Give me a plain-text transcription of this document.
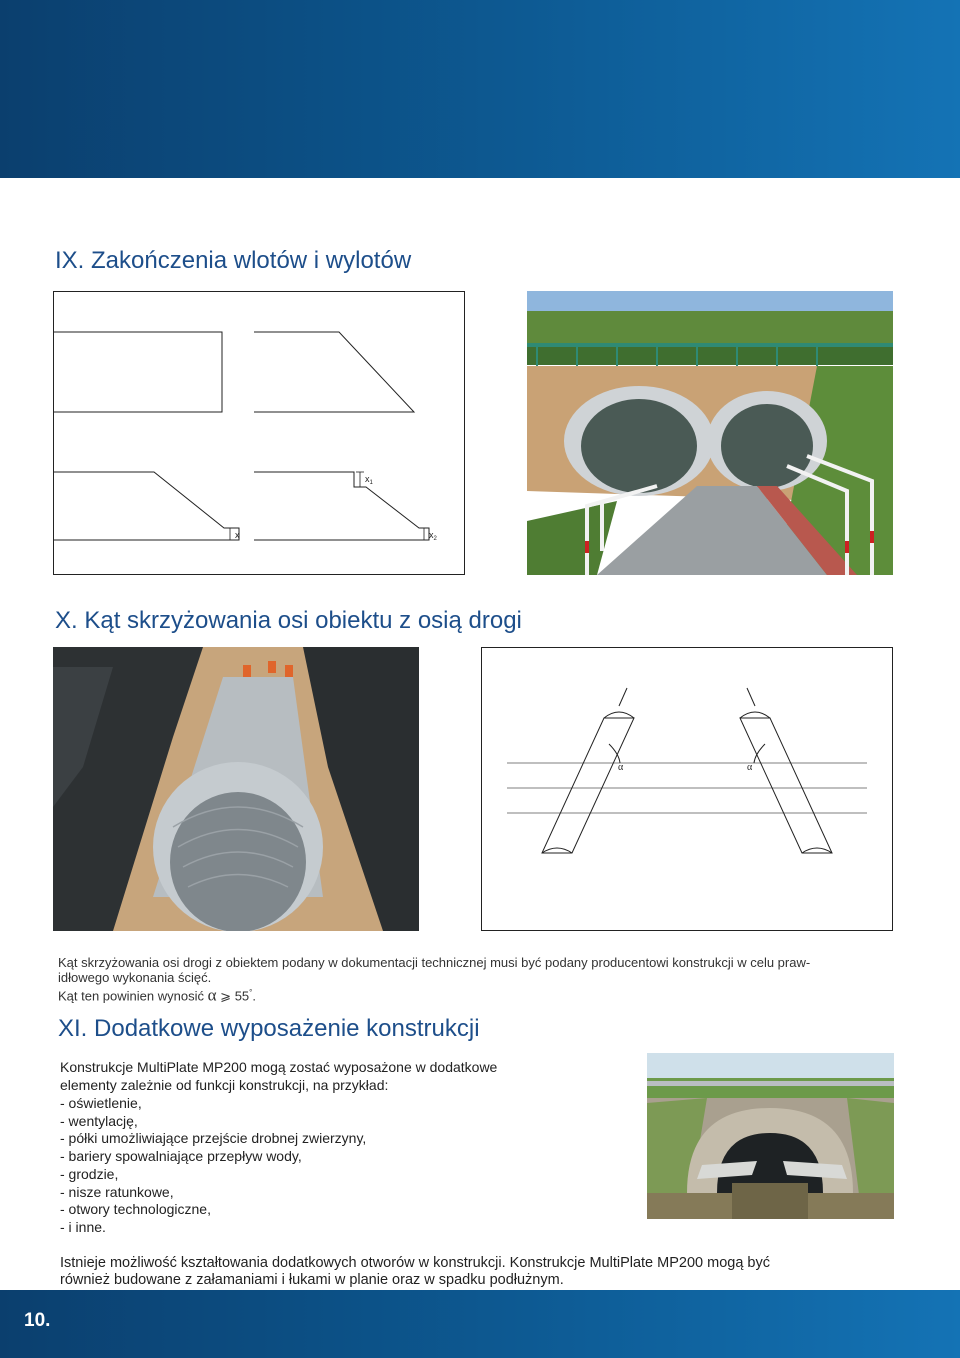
IX. Zakończenia wlotów i wylotów
x
$x_1$
$x_2$
X. Kąt skrzyżowania osi obiektu z osią drogi
α	α

Kąt skrzyżowania osi drogi z obiektem podany w dokumentacji technicznej musi być podany producentowi konstrukcji w celu praw-

idłowego wykonania ścięć.

Kąt ten powinien wynosić α ⩾ 55°.

XI. Dodatkowe wyposażenie konstrukcji

Konstrukcje MultiPlate MP200 mogą zostać wyposażone w dodatkowe

elementy zależnie od funkcji konstrukcji, na przykład:

- oświetlenie,
- wentylację,
- półki umożliwiające przejście drobnej zwierzyny,
- bariery spowalniające przepływ wody,
- grodzie,
- nisze ratunkowe,
- otwory technologiczne,
- i inne.

Istnieje możliwość kształtowania dodatkowych otworów w konstrukcji. Konstrukcje MultiPlate MP200 mogą być

również budowane z załamaniami i łukami w planie oraz w spadku podłużnym.

10.
